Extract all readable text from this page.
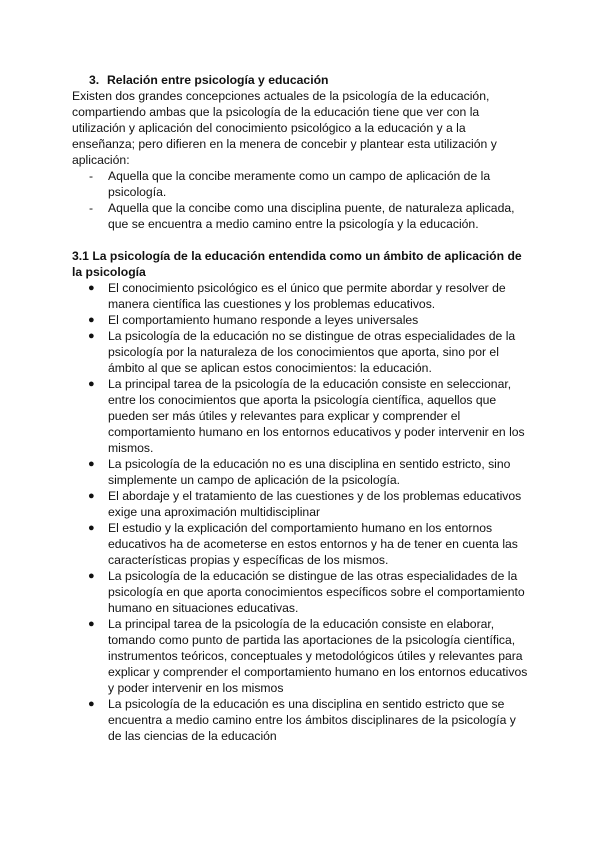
3. Relación entre psicología y educación

Existen dos grandes concepciones actuales de la psicología de la educación, compartiendo ambas que la psicología de la educación tiene que ver con la utilización y aplicación del conocimiento psicológico a la educación y a la enseñanza; pero difieren en la menera de concebir y plantear esta utilización y aplicación:

- Aquella que la concibe meramente como un campo de aplicación de la psicología.
- Aquella que la concibe como una disciplina puente, de naturaleza aplicada, que se encuentra a medio camino entre la psicología y la educación.

3.1 La psicología de la educación entendida como un ámbito de aplicación de la psicología

● El conocimiento psicológico es el único que permite abordar y resolver de manera científica las cuestiones y los problemas educativos.
● El comportamiento humano responde a leyes universales
● La psicología de la educación no se distingue de otras especialidades de la psicología por la naturaleza de los conocimientos que aporta, sino por el ámbito al que se aplican estos conocimientos: la educación.
● La principal tarea de la psicología de la educación consiste en seleccionar, entre los conocimientos que aporta la psicología científica, aquellos que pueden ser más útiles y relevantes para explicar y comprender el comportamiento humano en los entornos educativos y poder intervenir en los mismos.
● La psicología de la educación no es una disciplina en sentido estricto, sino simplemente un campo de aplicación de la psicología.
● El abordaje y el tratamiento de las cuestiones y de los problemas educativos exige una aproximación multidisciplinar
● El estudio y la explicación del comportamiento humano en los entornos educativos ha de acometerse en estos entornos y ha de tener en cuenta las características propias y específicas de los mismos.
● La psicología de la educación se distingue de las otras especialidades de la psicología en que aporta conocimientos específicos sobre el comportamiento humano en situaciones educativas.
● La principal tarea de la psicología de la educación consiste en elaborar, tomando como punto de partida las aportaciones de la psicología científica, instrumentos teóricos, conceptuales y metodológicos útiles y relevantes para explicar y comprender el comportamiento humano en los entornos educativos y poder intervenir en los mismos
● La psicología de la educación es una disciplina en sentido estricto que se encuentra a medio camino entre los ámbitos disciplinares de la psicología y de las ciencias de la educación
